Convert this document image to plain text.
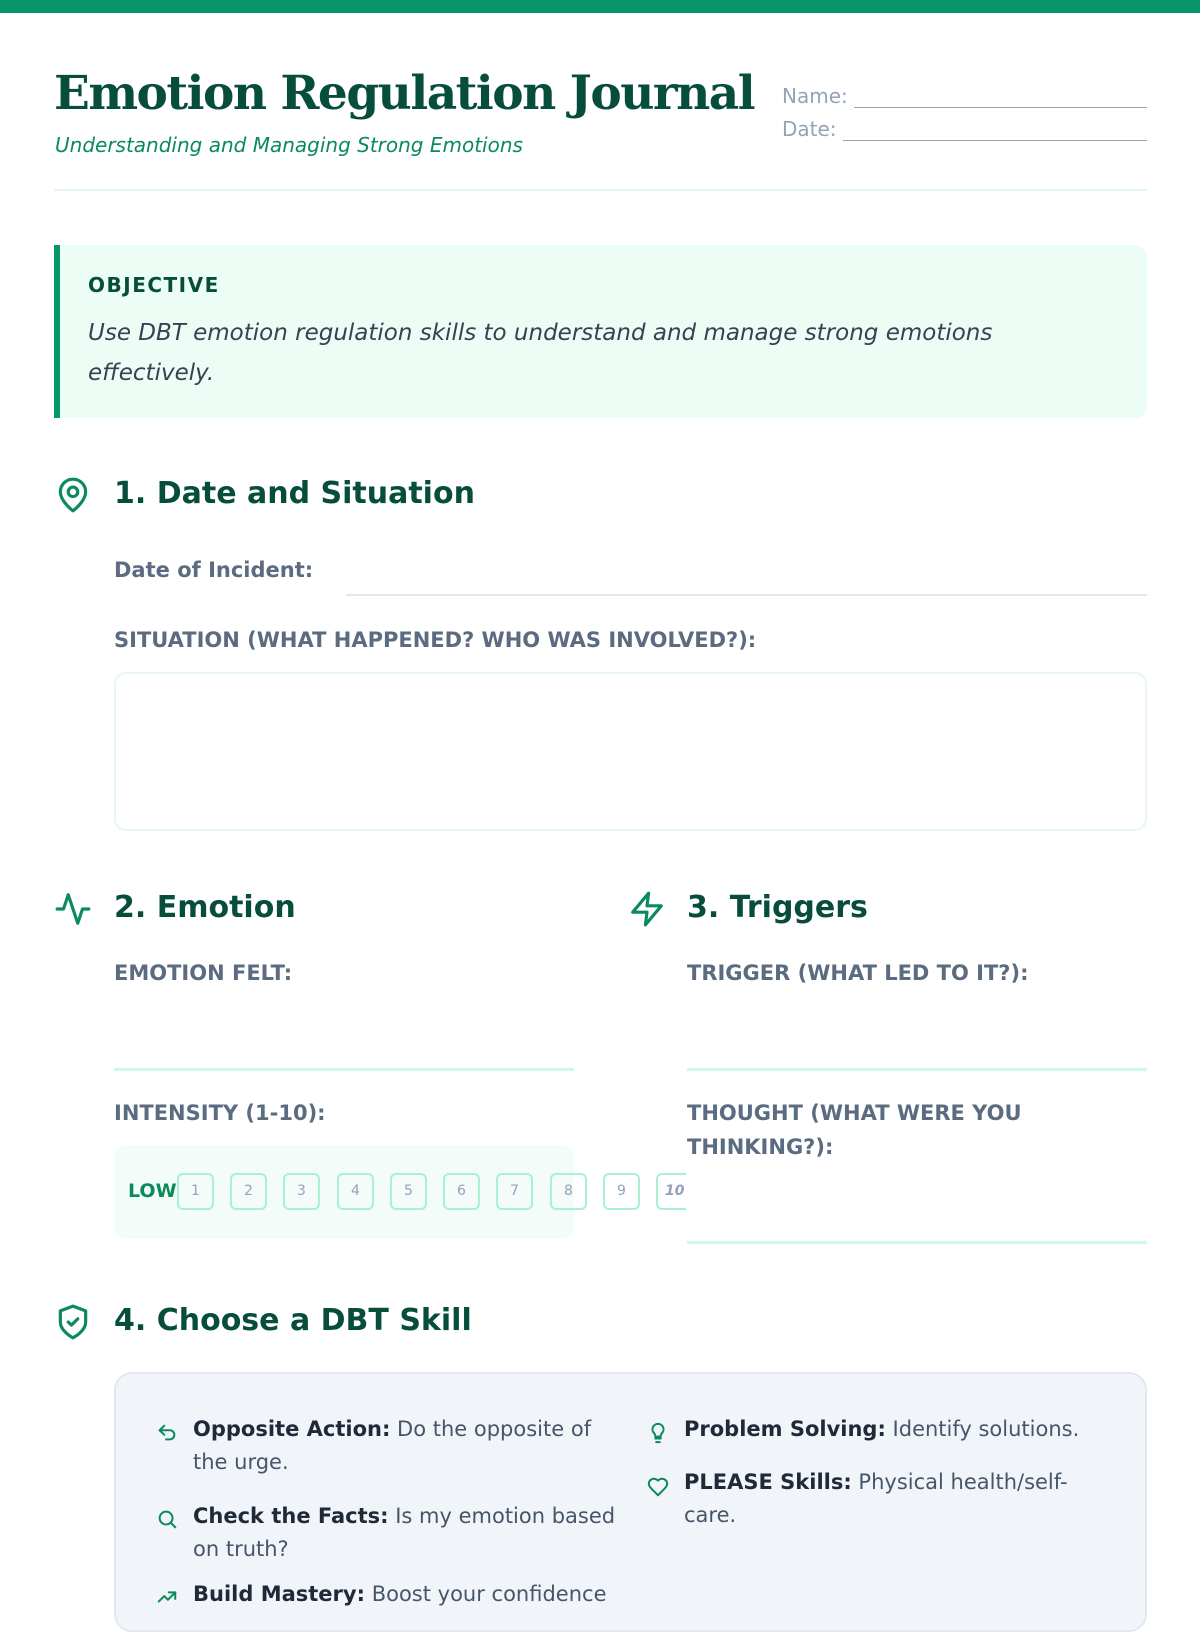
Emotion Regulation Journal
Understanding and Managing Strong Emotions
Name:
Date:
OBJECTIVE
Use DBT emotion regulation skills to understand and manage strong emotions effectively.
1. Date and Situation
Date of Incident:
SITUATION (WHAT HAPPENED? WHO WAS INVOLVED?):
2. Emotion
EMOTION FELT:
INTENSITY (1-10):
LOW	1	2	3	4	5	6	7	8	9	10
3. Triggers
TRIGGER (WHAT LED TO IT?):
THOUGHT (WHAT WERE YOU THINKING?):
4. Choose a DBT Skill
Opposite Action: Do the opposite of the urge.
Check the Facts: Is my emotion based on truth?
Build Mastery: Boost your confidence
Problem Solving: Identify solutions.
PLEASE Skills: Physical health/self-care.
